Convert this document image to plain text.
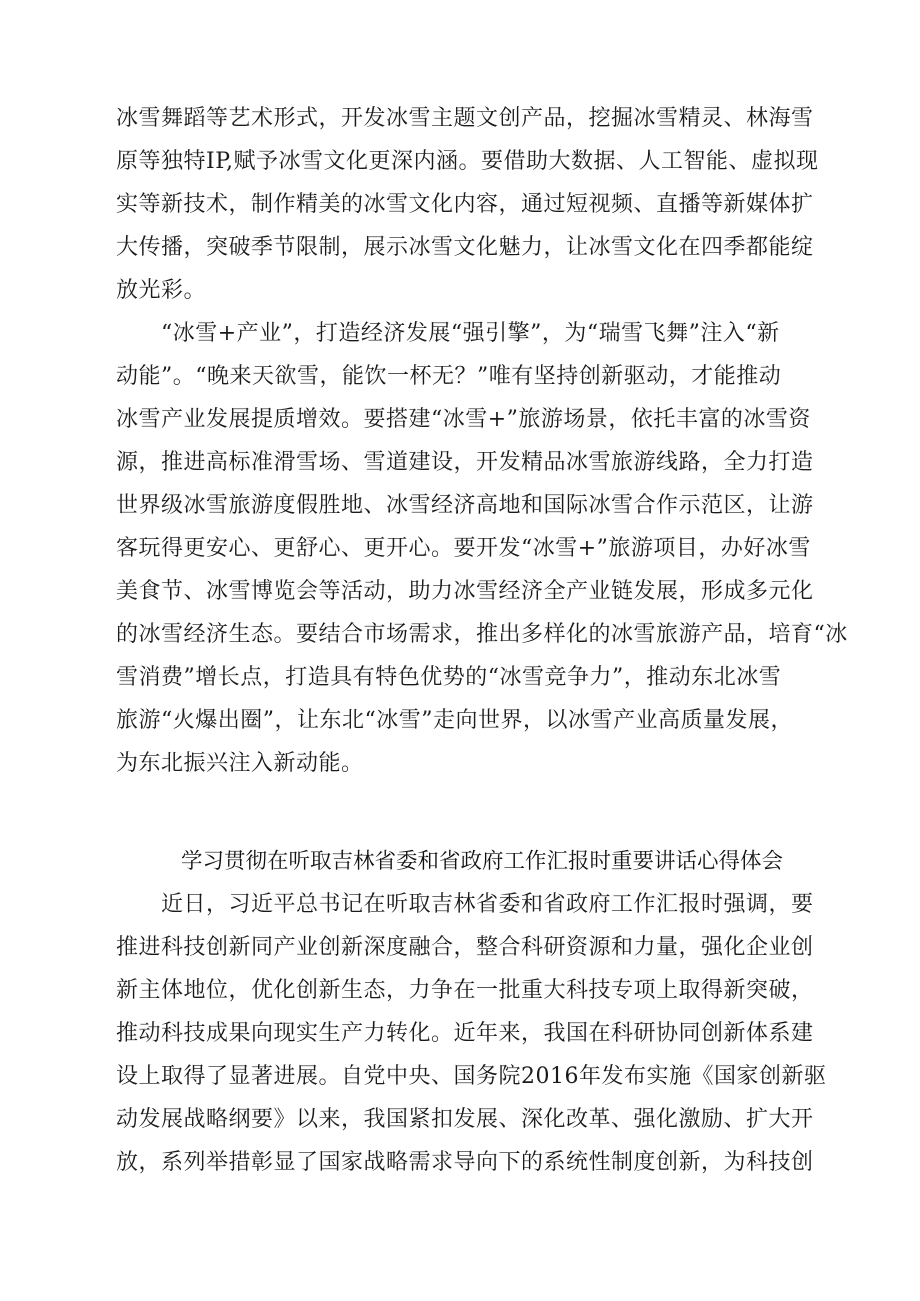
冰雪舞蹈等艺术形式，开发冰雪主题文创产品，挖掘冰雪精灵、林海雪
原等独特IP,赋予冰雪文化更深内涵。要借助大数据、人工智能、虚拟现
实等新技术，制作精美的冰雪文化内容，通过短视频、直播等新媒体扩
大传播，突破季节限制，展示冰雪文化魅力，让冰雪文化在四季都能绽
放光彩。
　　“冰雪+产业”，打造经济发展“强引擎”，为“瑞雪飞舞”注入“新
动能”。“晚来天欲雪，能饮一杯无？”唯有坚持创新驱动，才能推动
冰雪产业发展提质增效。要搭建“冰雪+”旅游场景，依托丰富的冰雪资
源，推进高标准滑雪场、雪道建设，开发精品冰雪旅游线路，全力打造
世界级冰雪旅游度假胜地、冰雪经济高地和国际冰雪合作示范区，让游
客玩得更安心、更舒心、更开心。要开发“冰雪+”旅游项目，办好冰雪
美食节、冰雪博览会等活动，助力冰雪经济全产业链发展，形成多元化
的冰雪经济生态。要结合市场需求，推出多样化的冰雪旅游产品，培育“冰
雪消费”增长点，打造具有特色优势的“冰雪竞争力”，推动东北冰雪
旅游“火爆出圈”，让东北“冰雪”走向世界，以冰雪产业高质量发展，
为东北振兴注入新动能。
学习贯彻在听取吉林省委和省政府工作汇报时重要讲话心得体会
　　近日，习近平总书记在听取吉林省委和省政府工作汇报时强调，要
推进科技创新同产业创新深度融合，整合科研资源和力量，强化企业创
新主体地位，优化创新生态，力争在一批重大科技专项上取得新突破，
推动科技成果向现实生产力转化。近年来，我国在科研协同创新体系建
设上取得了显著进展。自党中央、国务院2016年发布实施《国家创新驱
动发展战略纲要》以来，我国紧扣发展、深化改革、强化激励、扩大开
放，系列举措彰显了国家战略需求导向下的系统性制度创新，为科技创
